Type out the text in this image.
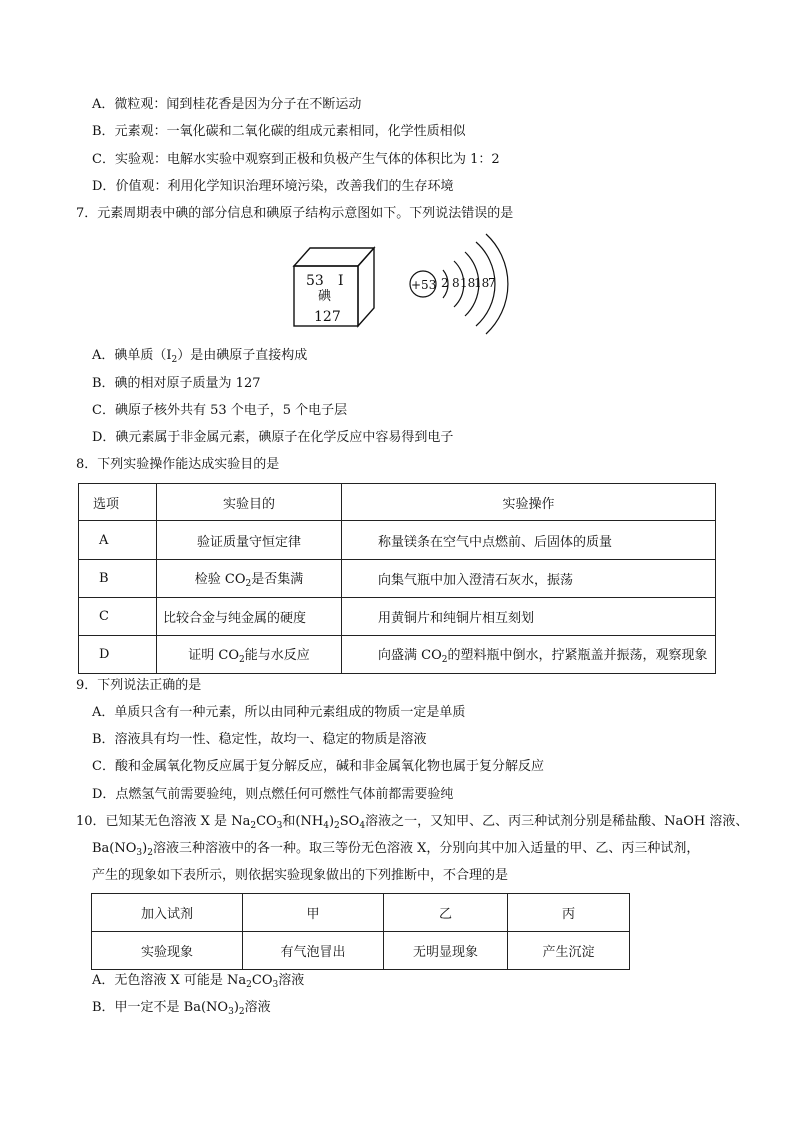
A．微粒观：闻到桂花香是因为分子在不断运动
B．元素观：一氧化碳和二氧化碳的组成元素相同，化学性质相似
C．实验观：电解水实验中观察到正极和负极产生气体的体积比为 1：2
D．价值观：利用化学知识治理环境污染，改善我们的生存环境
7．元素周期表中碘的部分信息和碘原子结构示意图如下。下列说法错误的是
53 I
碘
127
+53 2 8 18
18
7
A．碘单质$(I_2)$是由碘原子直接构成
B．碘的相对原子质量为 127
C．碘原子核外共有 53 个电子，5 个电子层
D．碘元素属于非金属元素，碘原子在化学反应中容易得到电子
8．下列实验操作能达成实验目的是
选项	实验目的	实验操作
A	验证质量守恒定律	称量镁条在空气中点燃前、后固体的质量
B	检验 $CO_2$是否集满	向集气瓶中加入澄清石灰水，振荡
C	比较合金与纯金属的硬度	用黄铜片和纯铜片相互刻划
D	证明 $CO_2$能与水反应	向盛满 $CO_2$的塑料瓶中倒水，拧紧瓶盖并振荡，观察现象
9．下列说法正确的是
A．单质只含有一种元素，所以由同种元素组成的物质一定是单质
B．溶液具有均一性、稳定性，故均一、稳定的物质是溶液
C．酸和金属氧化物反应属于复分解反应，碱和非金属氧化物也属于复分解反应
D．点燃氢气前需要验纯，则点燃任何可燃性气体前都需要验纯
10．已知某无色溶液 X 是 $Na_2CO_3$和$(NH_4)_2SO_4$溶液之一，又知甲、乙、丙三种试剂分别是稀盐酸、NaOH 溶液、
$Ba(NO_3)_2$溶液三种溶液中的各一种。取三等份无色溶液 X，分别向其中加入适量的甲、乙、丙三种试剂，
产生的现象如下表所示，则依据实验现象做出的下列推断中，不合理的是
加入试剂	甲	乙	丙
实验现象	有气泡冒出	无明显现象	产生沉淀
A．无色溶液 X 可能是 $Na_2CO_3$溶液
B．甲一定不是 $Ba(NO_3)_2$溶液
